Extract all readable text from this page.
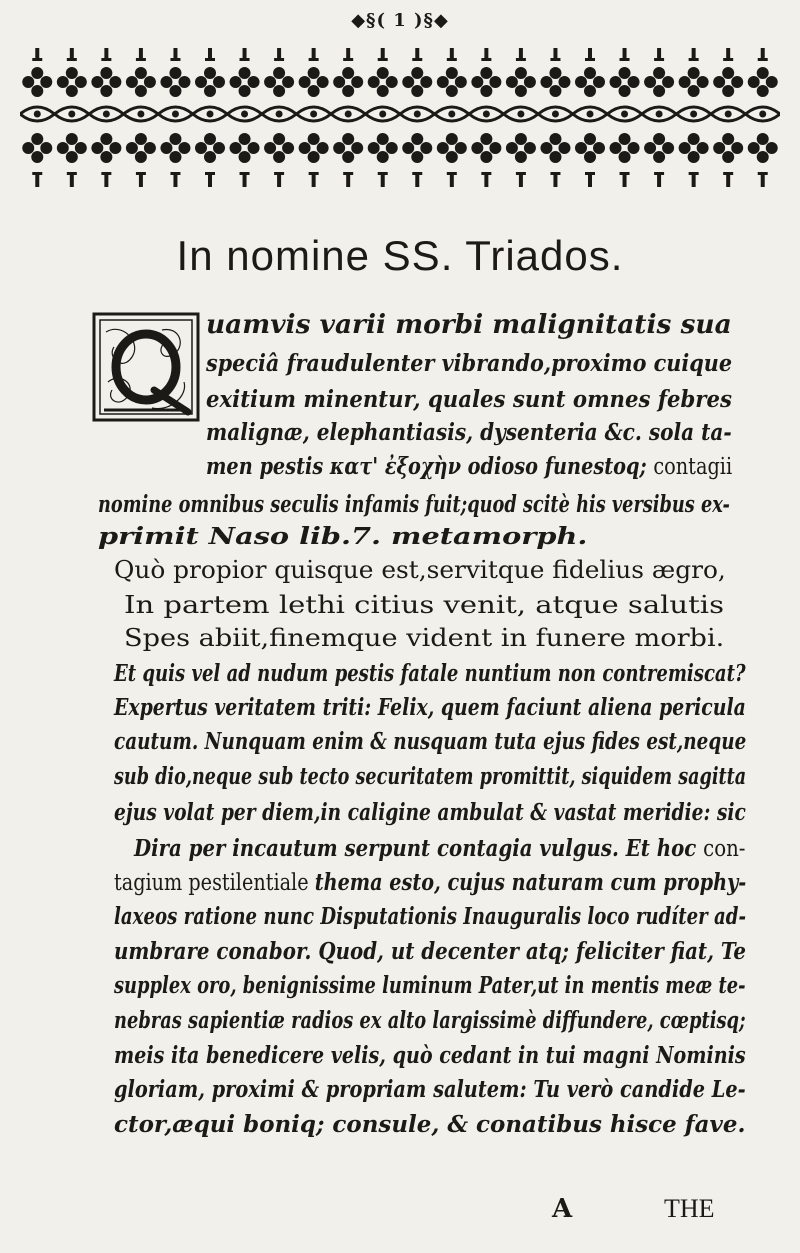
◆§( 1 )§◆
In nomine SS. Triados.
uamvis varii morbi malignitatis sua
speciâ fraudulenter vibrando,proximo cuique
exitium minentur, quales sunt omnes febres
malignæ, elephantiasis, dysenteria &c. sola ta-
men pestis κατ' ἐξοχὴν odioso funestoq; contagii
nomine omnibus seculis infamis fuit;quod scitè his versibus ex-
primit Naso lib.7. metamorph.
Quò propior quisque est,servitque fidelius ægro,
In partem lethi citius venit, atque salutis
Spes abiit,finemque vident in funere morbi.
Et quis vel ad nudum pestis fatale nuntium non contremiscat?
Expertus veritatem triti: Felix, quem faciunt aliena pericula
cautum. Nunquam enim & nusquam tuta ejus fides est,neque
sub dio,neque sub tecto securitatem promittit, siquidem sagitta
ejus volat per diem,in caligine ambulat & vastat meridie: sic
Dira per incautum serpunt contagia vulgus. Et hoc con-
tagium pestilentiale thema esto, cujus naturam cum prophy-
laxeos ratione nunc Disputationis Inauguralis loco rudíter ad-
umbrare conabor. Quod, ut decenter atq; feliciter fiat, Te
supplex oro, benignissime luminum Pater,ut in mentis meæ te-
nebras sapientiæ radios ex alto largissimè diffundere, cœptisq;
meis ita benedicere velis, quò cedant in tui magni Nominis
gloriam, proximi & propriam salutem: Tu verò candide Le-
ctor,æqui boniq; consule, & conatibus hisce fave.
A	THE
